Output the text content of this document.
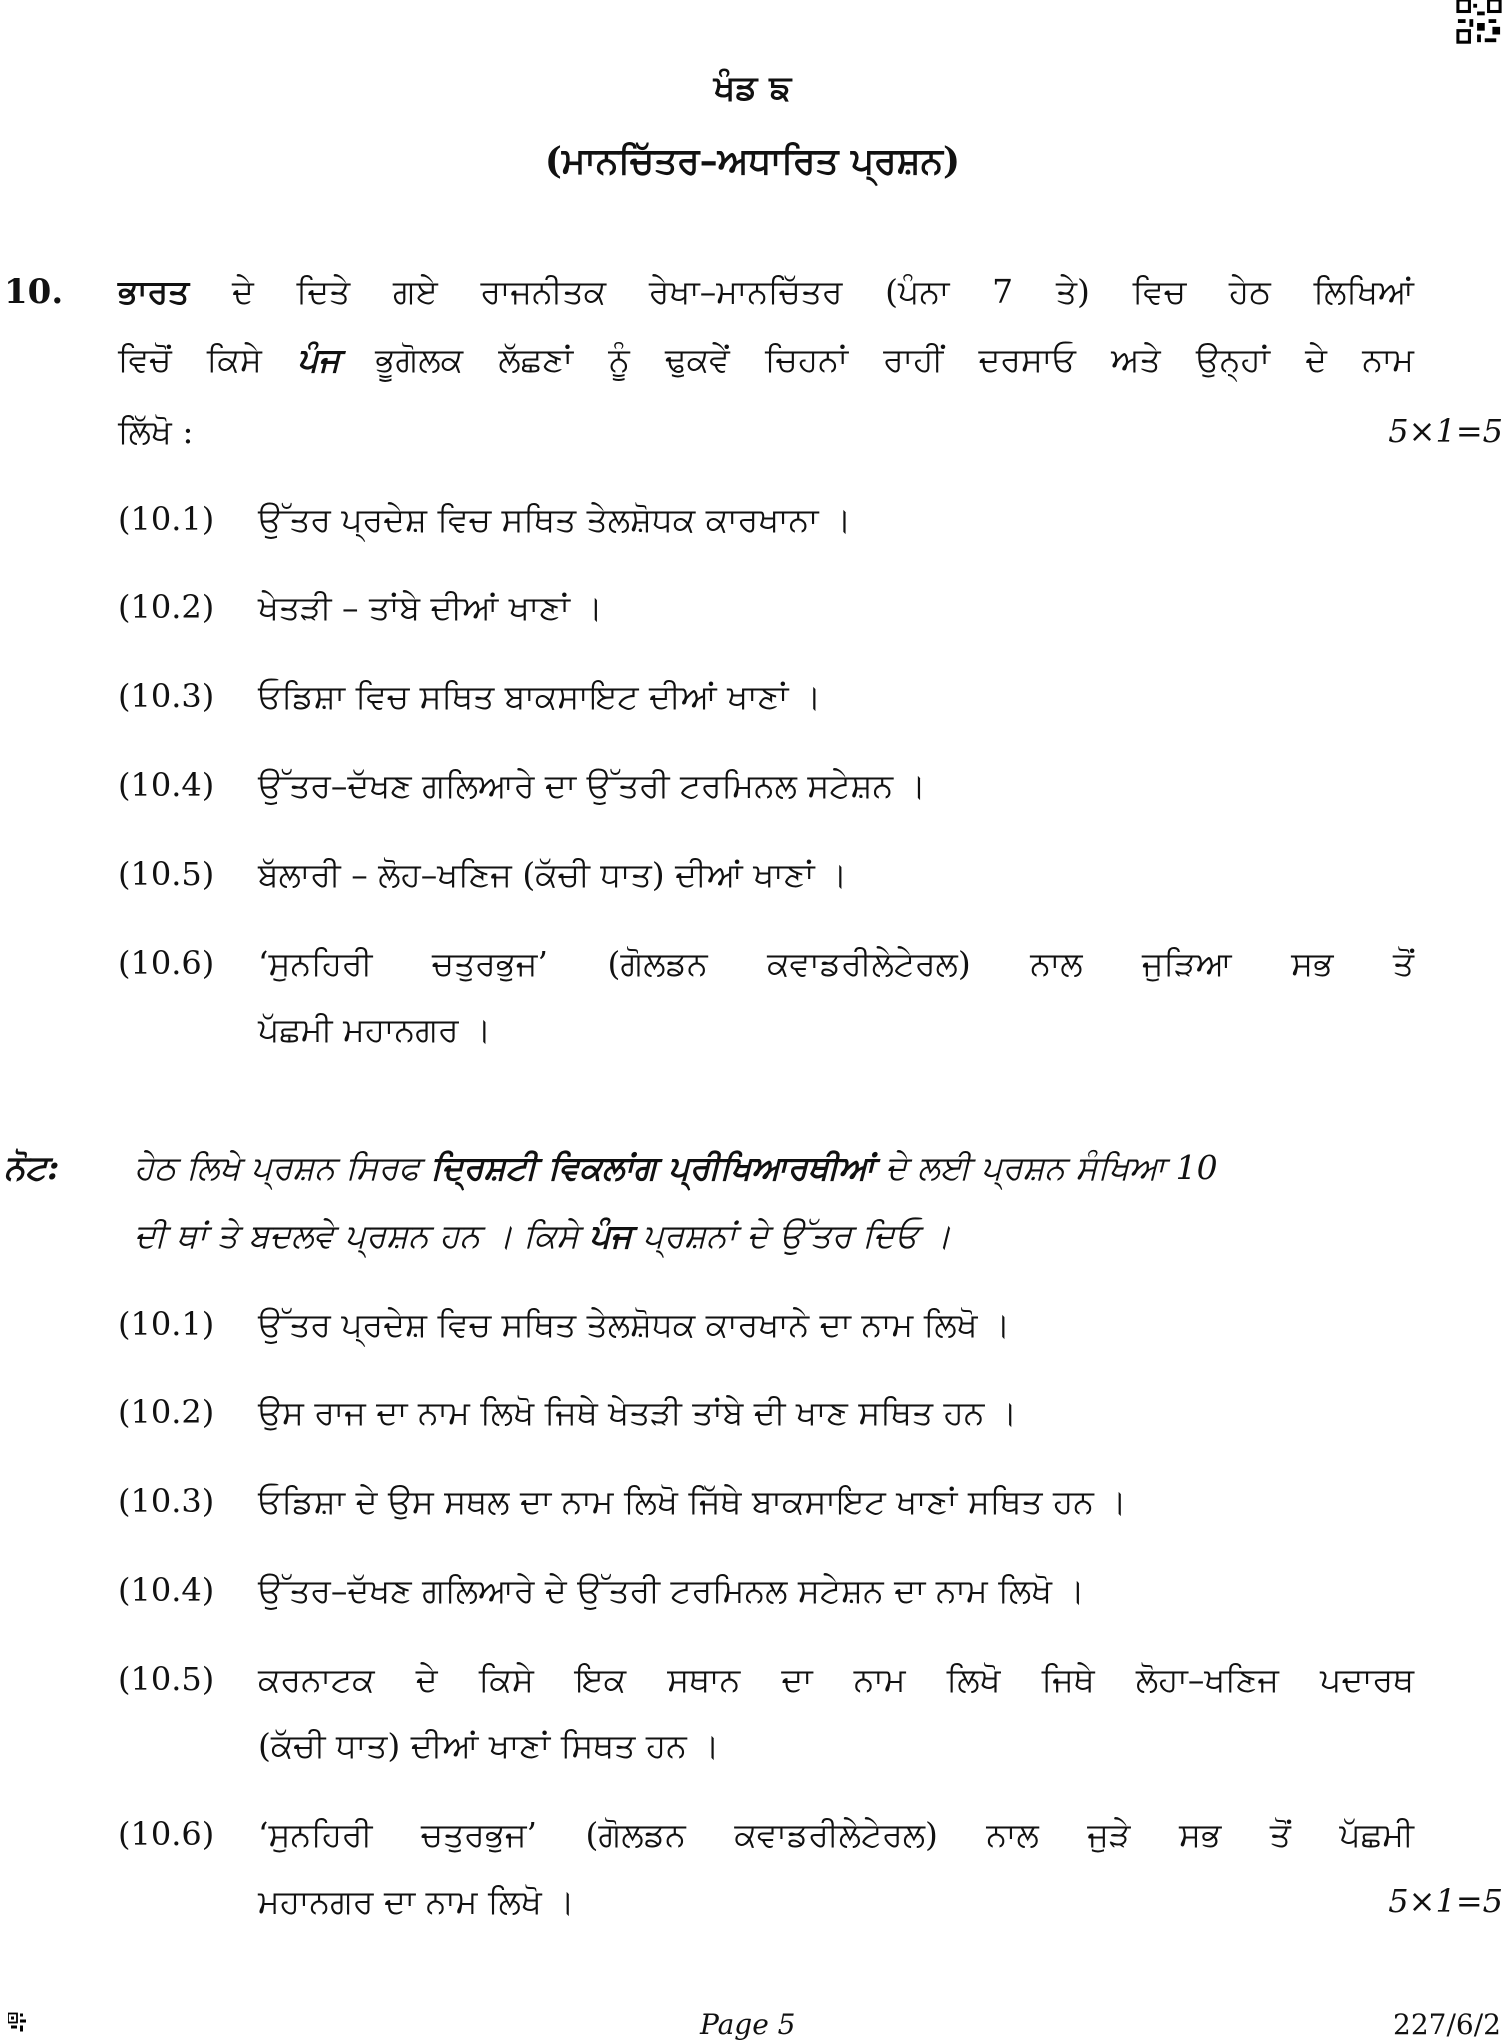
ਖੰਡ ਙ
(ਮਾਨਚਿੱਤਰ–ਅਧਾਰਿਤ ਪ੍ਰਸ਼ਨ)
10. ਭਾਰਤ ਦੇ ਦਿਤੇ ਗਏ ਰਾਜਨੀਤਕ ਰੇਖਾ–ਮਾਨਚਿੱਤਰ (ਪੰਨਾ 7 ਤੇ) ਵਿਚ ਹੇਠ ਲਿਖਿਆਂ
ਵਿਚੋਂ ਕਿਸੇ ਪੰਜ ਭੂਗੋਲਕ ਲੱਛਣਾਂ ਨੂੰ ਢੁਕਵੇਂ ਚਿਹਨਾਂ ਰਾਹੀਂ ਦਰਸਾਓ ਅਤੇ ਉਨ੍ਹਾਂ ਦੇ ਨਾਮ
ਲਿੱਖੋ :	5×1=5
(10.1) ਉੱਤਰ ਪ੍ਰਦੇਸ਼ ਵਿਚ ਸਥਿਤ ਤੇਲਸ਼ੋਧਕ ਕਾਰਖਾਨਾ ।
(10.2) ਖੇਤੜੀ – ਤਾਂਬੇ ਦੀਆਂ ਖਾਣਾਂ ।
(10.3) ਓਡਿਸ਼ਾ ਵਿਚ ਸਥਿਤ ਬਾਕਸਾਇਟ ਦੀਆਂ ਖਾਣਾਂ ।
(10.4) ਉੱਤਰ–ਦੱਖਣ ਗਲਿਆਰੇ ਦਾ ਉੱਤਰੀ ਟਰਮਿਨਲ ਸਟੇਸ਼ਨ ।
(10.5) ਬੱਲਾਰੀ – ਲੋਹ–ਖਣਿਜ (ਕੱਚੀ ਧਾਤ) ਦੀਆਂ ਖਾਣਾਂ ।
(10.6) ‘ਸੁਨਹਿਰੀ ਚਤੁਰਭੁਜ’ (ਗੋਲਡਨ ਕਵਾਡਰੀਲੇਟੇਰਲ) ਨਾਲ ਜੁੜਿਆ ਸਭ ਤੋਂ
ਪੱਛਮੀ ਮਹਾਨਗਰ ।
ਨੋਟ: ਹੇਠ ਲਿਖੇ ਪ੍ਰਸ਼ਨ ਸਿਰਫ ਦ੍ਰਿਸ਼ਟੀ ਵਿਕਲਾਂਗ ਪ੍ਰੀਖਿਆਰਥੀਆਂ ਦੇ ਲਈ ਪ੍ਰਸ਼ਨ ਸੰਖਿਆ 10
ਦੀ ਥਾਂ ਤੇ ਬਦਲਵੇ ਪ੍ਰਸ਼ਨ ਹਨ । ਕਿਸੇ ਪੰਜ ਪ੍ਰਸ਼ਨਾਂ ਦੇ ਉੱਤਰ ਦਿਓ ।
(10.1) ਉੱਤਰ ਪ੍ਰਦੇਸ਼ ਵਿਚ ਸਥਿਤ ਤੇਲਸ਼ੋਧਕ ਕਾਰਖਾਨੇ ਦਾ ਨਾਮ ਲਿਖੋ ।
(10.2) ਉਸ ਰਾਜ ਦਾ ਨਾਮ ਲਿਖੋ ਜਿਥੇ ਖੇਤੜੀ ਤਾਂਬੇ ਦੀ ਖਾਣ ਸਥਿਤ ਹਨ ।
(10.3) ਓਡਿਸ਼ਾ ਦੇ ਉਸ ਸਥਲ ਦਾ ਨਾਮ ਲਿਖੋ ਜਿੱਥੇ ਬਾਕਸਾਇਟ ਖਾਣਾਂ ਸਥਿਤ ਹਨ ।
(10.4) ਉੱਤਰ–ਦੱਖਣ ਗਲਿਆਰੇ ਦੇ ਉੱਤਰੀ ਟਰਮਿਨਲ ਸਟੇਸ਼ਨ ਦਾ ਨਾਮ ਲਿਖੋ ।
(10.5) ਕਰਨਾਟਕ ਦੇ ਕਿਸੇ ਇਕ ਸਥਾਨ ਦਾ ਨਾਮ ਲਿਖੋ ਜਿਥੇ ਲੋਹਾ–ਖਣਿਜ ਪਦਾਰਥ
(ਕੱਚੀ ਧਾਤ) ਦੀਆਂ ਖਾਣਾਂ ਸਿਥਤ ਹਨ ।
(10.6) ‘ਸੁਨਹਿਰੀ ਚਤੁਰਭੁਜ’ (ਗੋਲਡਨ ਕਵਾਡਰੀਲੇਟੇਰਲ) ਨਾਲ ਜੁੜੇ ਸਭ ਤੋਂ ਪੱਛਮੀ
ਮਹਾਨਗਰ ਦਾ ਨਾਮ ਲਿਖੋ ।	5×1=5
Page 5	227/6/2
